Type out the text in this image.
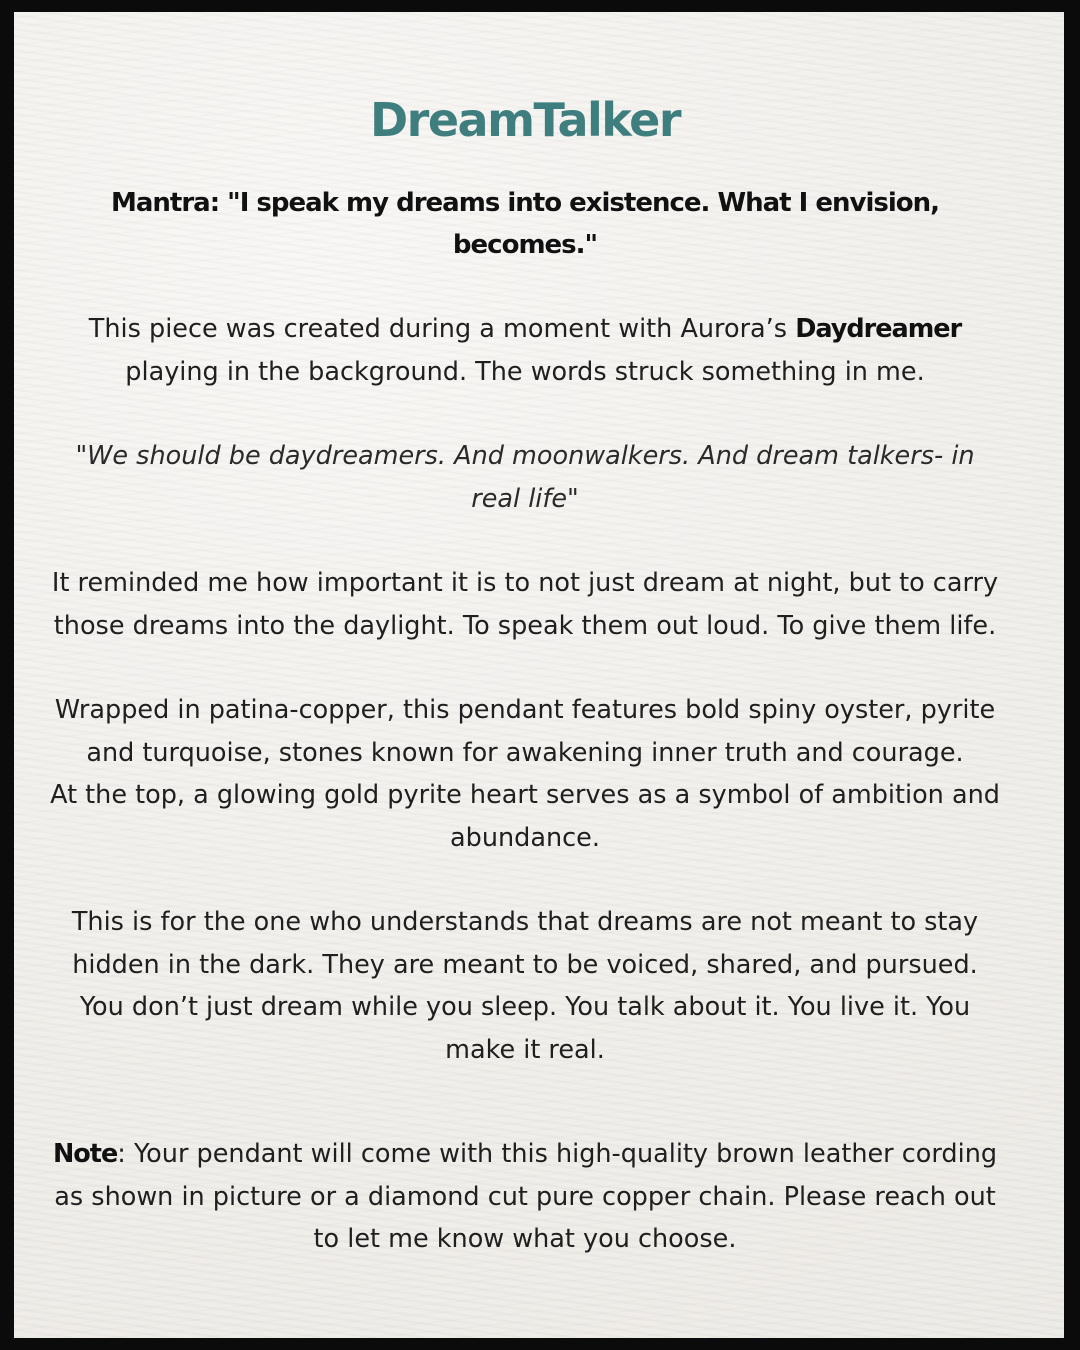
DreamTalker

Mantra: "I speak my dreams into existence. What I envision, becomes."

This piece was created during a moment with Aurora’s Daydreamer playing in the background. The words struck something in me.

"We should be daydreamers. And moonwalkers. And dream talkers- in real life"

It reminded me how important it is to not just dream at night, but to carry those dreams into the daylight. To speak them out loud. To give them life.

Wrapped in patina-copper, this pendant features bold spiny oyster, pyrite and turquoise, stones known for awakening inner truth and courage.
At the top, a glowing gold pyrite heart serves as a symbol of ambition and abundance.

This is for the one who understands that dreams are not meant to stay hidden in the dark. They are meant to be voiced, shared, and pursued.
You don’t just dream while you sleep. You talk about it. You live it. You make it real.

Note: Your pendant will come with this high-quality brown leather cording as shown in picture or a diamond cut pure copper chain. Please reach out to let me know what you choose.
